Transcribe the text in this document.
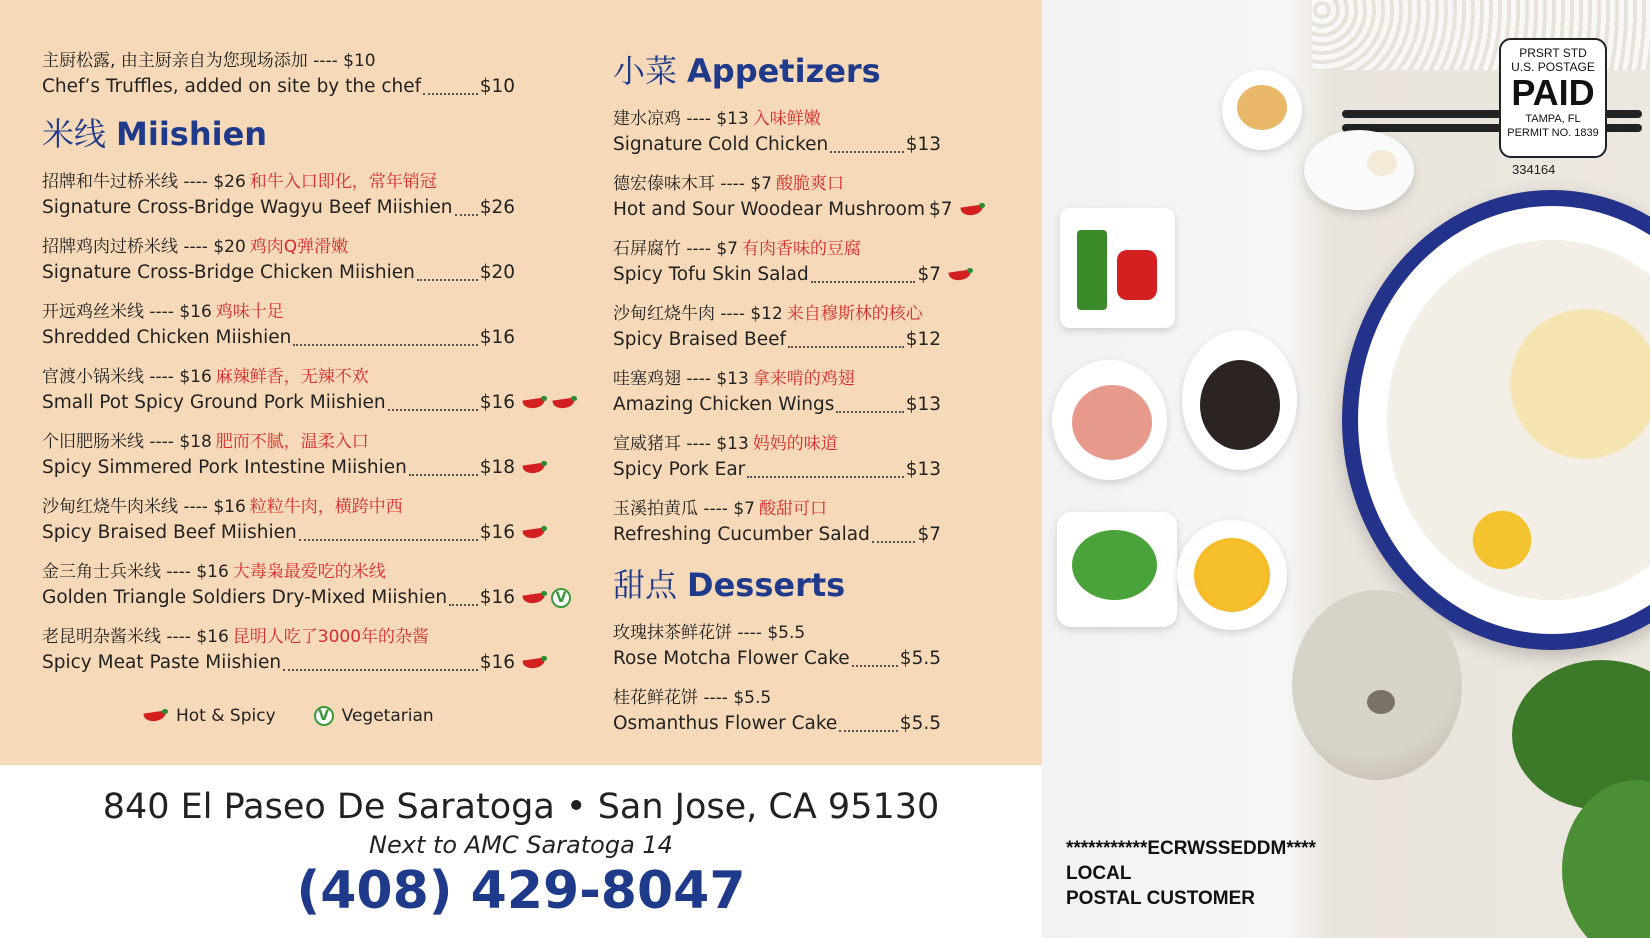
主厨松露, 由主厨亲自为您现场添加 ---- $10
Chef’s Truffles, added on site by the chef	$10
米线 Miishien
招牌和牛过桥米线 ---- $26 和牛入口即化，常年销冠
Signature Cross-Bridge Wagyu Beef Miishien $26
招牌鸡肉过桥米线 ---- $20 鸡肉Q弹滑嫩
Signature Cross-Bridge Chicken Miishien	$20
开远鸡丝米线 ---- $16 鸡味十足
Shredded Chicken Miishien	$16
官渡小锅米线 ---- $16 麻辣鲜香，无辣不欢
Small Pot Spicy Ground Pork Miishien	$16
个旧肥肠米线 ---- $18 肥而不腻，温柔入口
Spicy Simmered Pork Intestine Miishien	$18
沙甸红烧牛肉米线 ---- $16 粒粒牛肉，横跨中西
Spicy Braised Beef Miishien	$16
金三角士兵米线 ---- $16 大毒枭最爱吃的米线
Golden Triangle Soldiers Dry-Mixed Miishien $16	V
老昆明杂酱米线 ---- $16 昆明人吃了3000年的杂酱
Spicy Meat Paste Miishien	$16
小菜 Appetizers
建水凉鸡 ---- $13 入味鲜嫩
Signature Cold Chicken	$13
德宏傣味木耳 ---- $7 酸脆爽口
Hot and Sour Woodear Mushroom $7
石屏腐竹 ---- $7 有肉香味的豆腐
Spicy Tofu Skin Salad	$7
沙甸红烧牛肉 ---- $12 来自穆斯林的核心
Spicy Braised Beef	$12
哇塞鸡翅 ---- $13 拿来啃的鸡翅
Amazing Chicken Wings	$13
宣威猪耳 ---- $13 妈妈的味道
Spicy Pork Ear	$13
玉溪拍黄瓜 ---- $7 酸甜可口
Refreshing Cucumber Salad	$7
甜点 Desserts
玫瑰抹茶鲜花饼 ---- $5.5
Rose Motcha Flower Cake	$5.5
桂花鲜花饼 ---- $5.5
Osmanthus Flower Cake	$5.5
Hot & Spicy	V Vegetarian
840 El Paseo De Saratoga • San Jose, CA 95130
Next to AMC Saratoga 14
(408) 429-8047
PRSRT STD
U.S. POSTAGE
PAID
TAMPA, FL
PERMIT NO. 1839
334164
***********ECRWSSEDDM****
LOCAL
POSTAL CUSTOMER
